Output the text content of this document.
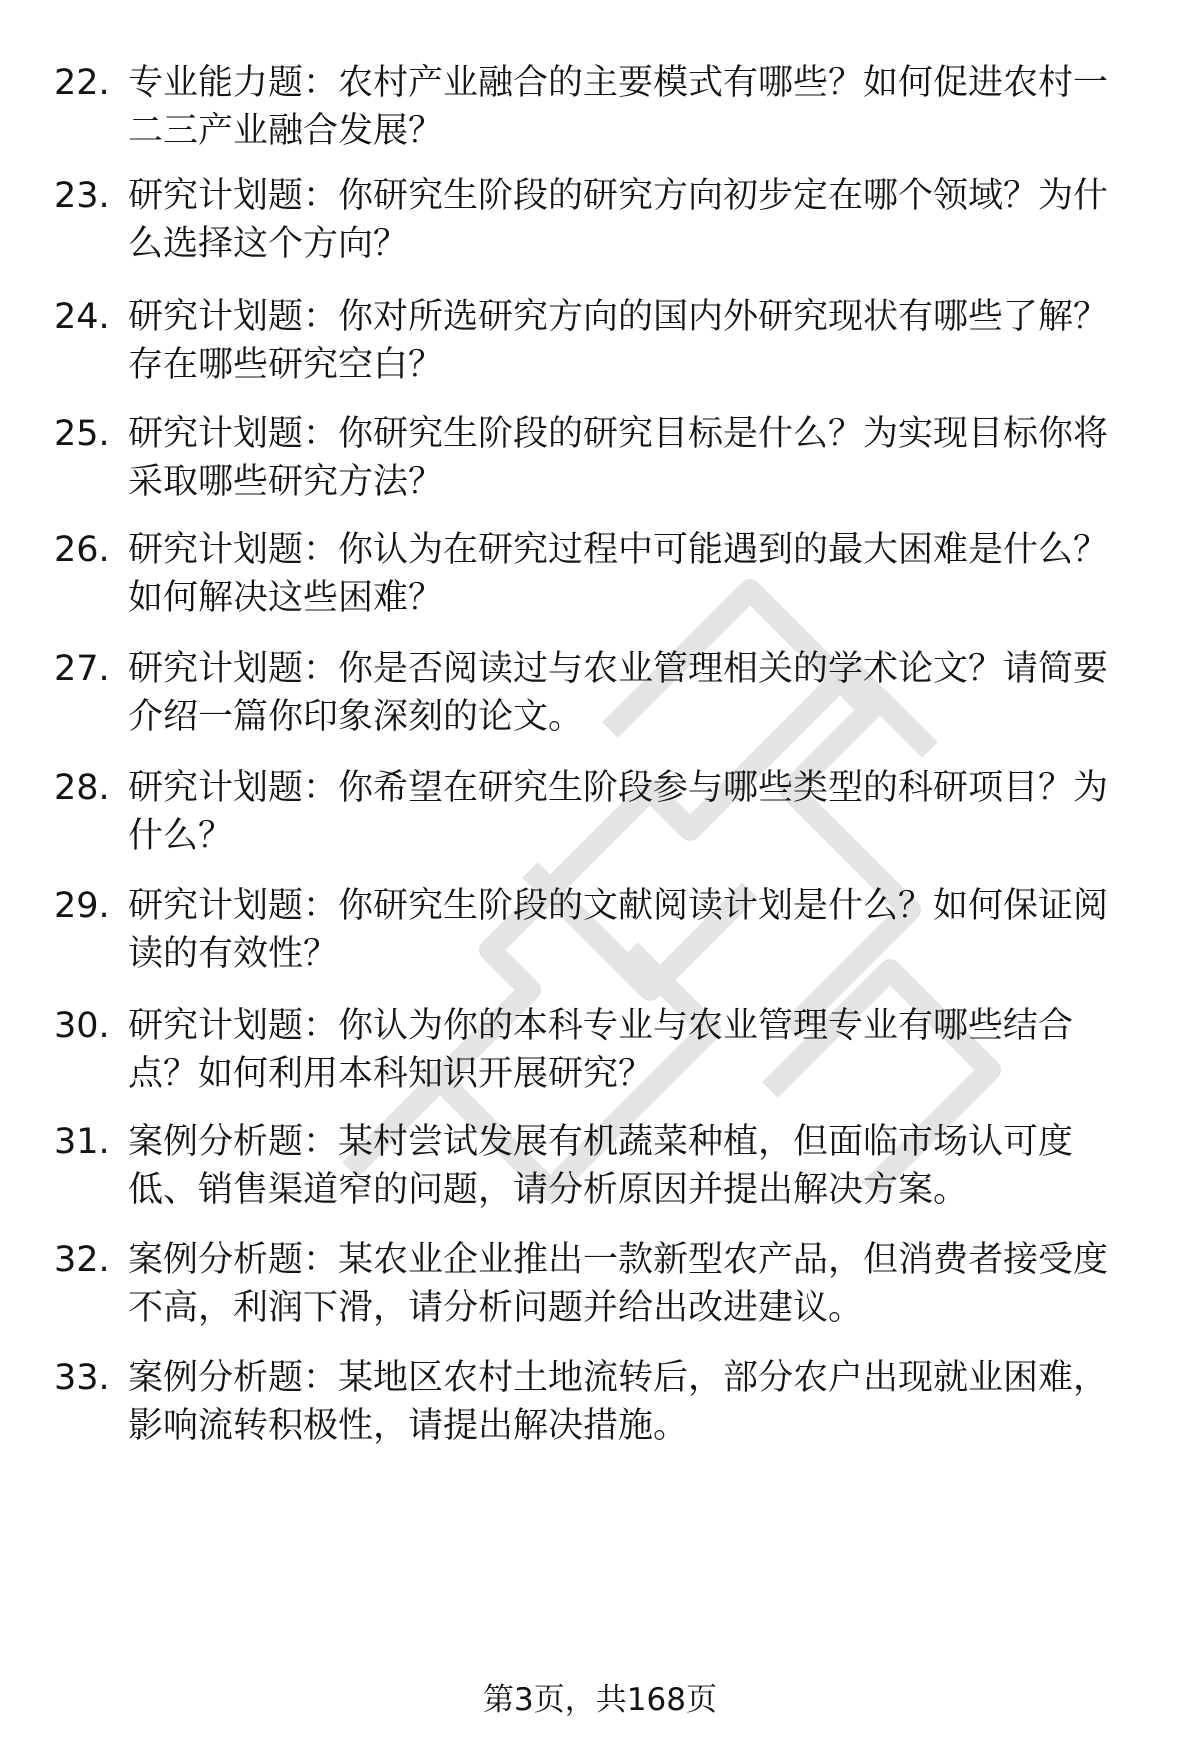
22. 专业能力题：农村产业融合的主要模式有哪些？如何促进农村一
二三产业融合发展？
23. 研究计划题：你研究生阶段的研究方向初步定在哪个领域？为什
么选择这个方向？
24. 研究计划题：你对所选研究方向的国内外研究现状有哪些了解？
存在哪些研究空白？
25. 研究计划题：你研究生阶段的研究目标是什么？为实现目标你将
采取哪些研究方法？
26. 研究计划题：你认为在研究过程中可能遇到的最大困难是什么？
如何解决这些困难？
27. 研究计划题：你是否阅读过与农业管理相关的学术论文？请简要
介绍一篇你印象深刻的论文。
28. 研究计划题：你希望在研究生阶段参与哪些类型的科研项目？为
什么？
29. 研究计划题：你研究生阶段的文献阅读计划是什么？如何保证阅
读的有效性？
30. 研究计划题：你认为你的本科专业与农业管理专业有哪些结合
点？如何利用本科知识开展研究？
31. 案例分析题：某村尝试发展有机蔬菜种植，但面临市场认可度
低、销售渠道窄的问题，请分析原因并提出解决方案。
32. 案例分析题：某农业企业推出一款新型农产品，但消费者接受度
不高，利润下滑，请分析问题并给出改进建议。
33. 案例分析题：某地区农村土地流转后，部分农户出现就业困难，
影响流转积极性，请提出解决措施。
第3页，共168页
